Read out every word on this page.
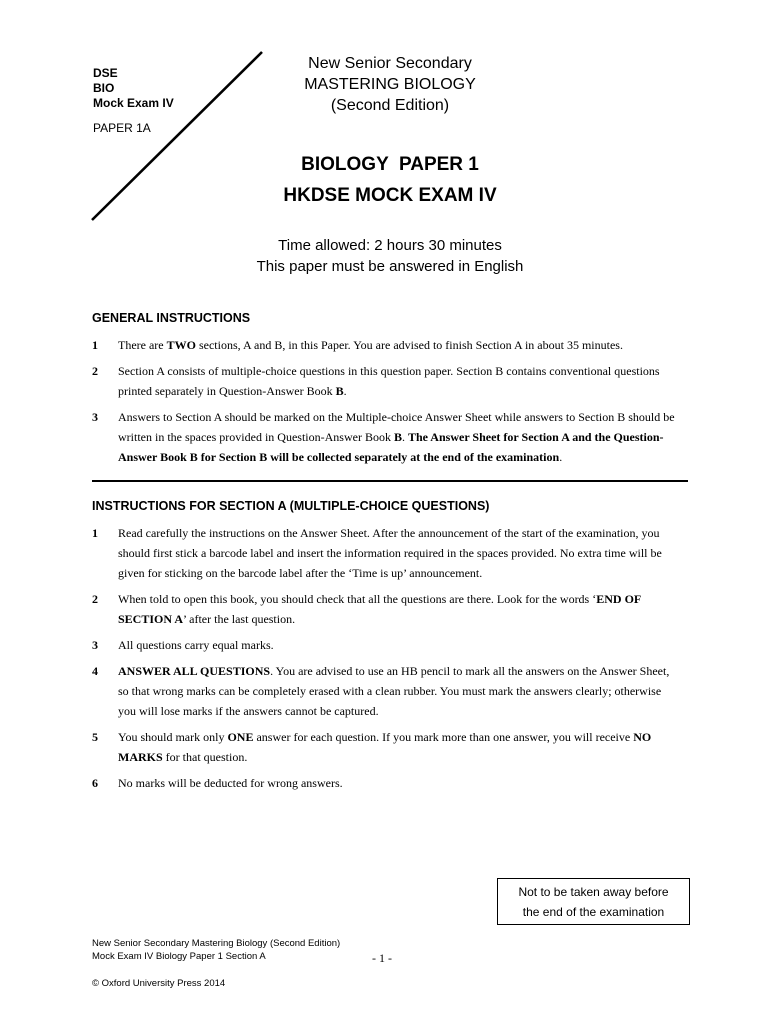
DSE
BIO
Mock Exam IV
PAPER 1A
New Senior Secondary
MASTERING BIOLOGY
(Second Edition)
BIOLOGY  PAPER 1
HKDSE MOCK EXAM IV
Time allowed: 2 hours 30 minutes
This paper must be answered in English
GENERAL INSTRUCTIONS
1	There are TWO sections, A and B, in this Paper. You are advised to finish Section A in about 35 minutes.
2	Section A consists of multiple-choice questions in this question paper. Section B contains conventional questions printed separately in Question-Answer Book B.
3	Answers to Section A should be marked on the Multiple-choice Answer Sheet while answers to Section B should be written in the spaces provided in Question-Answer Book B. The Answer Sheet for Section A and the Question-Answer Book B for Section B will be collected separately at the end of the examination.
INSTRUCTIONS FOR SECTION A (MULTIPLE-CHOICE QUESTIONS)
1	Read carefully the instructions on the Answer Sheet. After the announcement of the start of the examination, you should first stick a barcode label and insert the information required in the spaces provided. No extra time will be given for sticking on the barcode label after the ‘Time is up’ announcement.
2	When told to open this book, you should check that all the questions are there. Look for the words ‘END OF SECTION A’ after the last question.
3	All questions carry equal marks.
4	ANSWER ALL QUESTIONS. You are advised to use an HB pencil to mark all the answers on the Answer Sheet, so that wrong marks can be completely erased with a clean rubber. You must mark the answers clearly; otherwise you will lose marks if the answers cannot be captured.
5	You should mark only ONE answer for each question. If you mark more than one answer, you will receive NO MARKS for that question.
6	No marks will be deducted for wrong answers.
Not to be taken away before
the end of the examination
New Senior Secondary Mastering Biology (Second Edition)
Mock Exam IV Biology Paper 1 Section A	- 1 -
© Oxford University Press 2014
